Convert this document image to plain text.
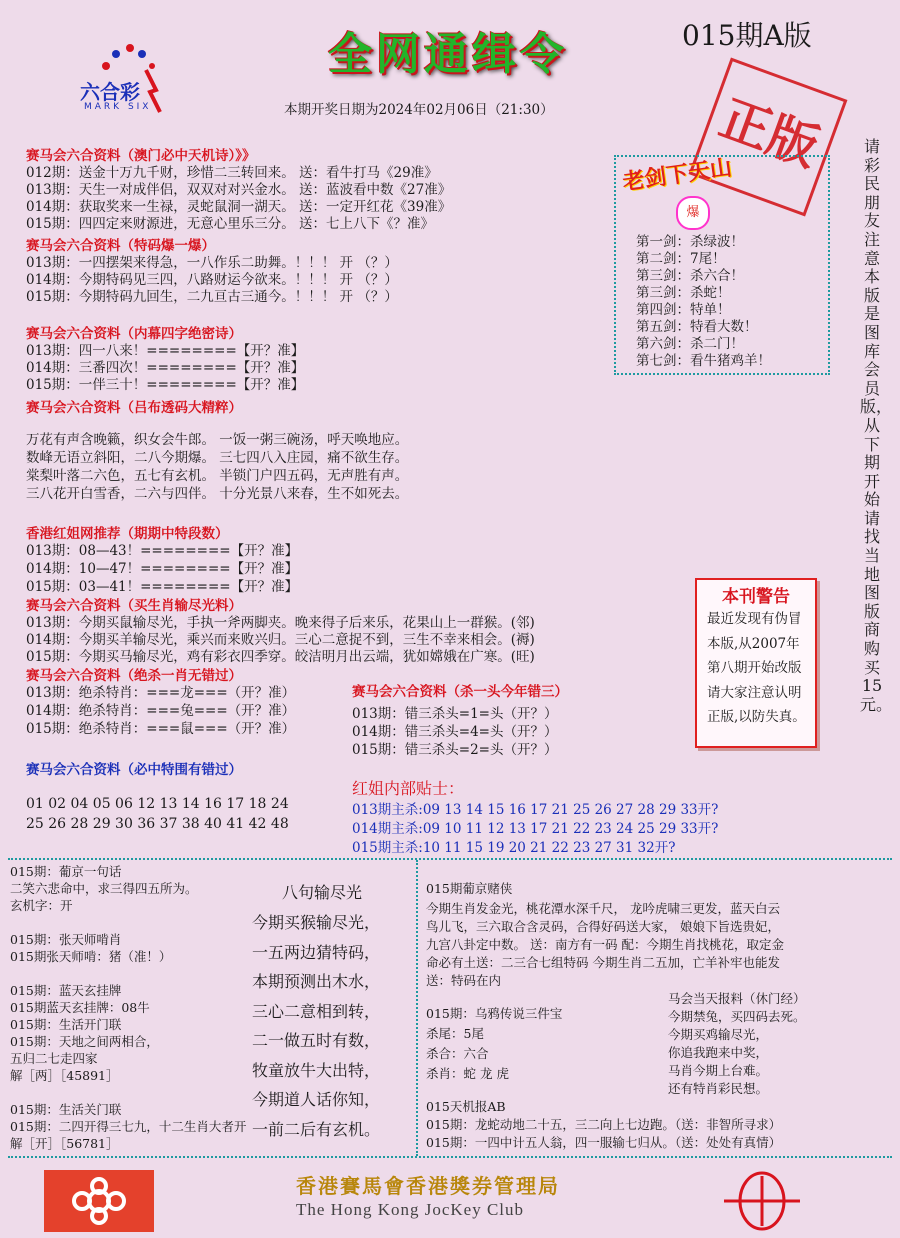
六合彩
MARK SIX
全网通缉令	015期A版
本期开奖日期为2024年02月06日（21:30）	正版	请彩民朋友注意本版是图库会员版，从下期开始请找当地图版商购买15元。
老剑下天山
爆
第一剑：杀绿波！
第二剑：7尾！
第三剑：杀六合！
第三剑：杀蛇！
第四剑：特单！
第五剑：特看大数！
第六剑：杀二门！
第七剑：看牛猪鸡羊！
本刊警告
最近发现有伪冒
本版,从2007年
第八期开始改版
请大家注意认明
正版,以防失真。
赛马会六合资料（澳门必中天机诗）》》
012期：送金十万九千财，珍惜二三转回来。 送：看牛打马《29准》
013期：天生一对成伴侣，双双对对兴金水。 送：蓝波看中数《27准》
014期：获取奖来一生禄，灵蛇鼠洞一湖天。 送：一定开红花《39准》
015期：四四定来财源进，无意心里乐三分。 送：七上八下《？准》
赛马会六合资料（特码爆一爆）
013期：一四摆架来得急，一八作乐二助舞。！！！ 开 （？）
014期：今期特码见三四，八路财运今欲来。！！！ 开 （？）
015期：今期特码九回生，二九亘古三通今。！！！ 开 （？）
赛马会六合资料（内幕四字绝密诗）
013期：四一八来！========【开？准】
014期：三番四次！========【开？准】
015期：一伴三十！========【开？准】
赛马会六合资料（吕布透码大精粹）
万花有声含晚籁，织女会牛郎。 一饭一粥三碗汤，呼天唤地应。
数峰无语立斜阳，二八今期爆。 三七四八入庄园，痛不欲生存。
棠梨叶落二六色，五七有玄机。 半锁门户四五码，无声胜有声。
三八花开白雪香，二六与四伴。 十分光景八来春，生不如死去。
香港红姐网推荐（期期中特段数）
013期：08—43！========【开？准】
014期：10—47！========【开？准】
015期：03—41！========【开？准】
赛马会六合资料（买生肖输尽光料）
013期：今期买鼠输尽光，手执一斧两脚夹。晚来得子后来乐，花果山上一群猴。(邻)
014期：今期买羊输尽光，乘兴而来败兴归。三心二意捉不到，三生不幸来相会。(褥)
015期：今期买马输尽光，鸡有彩衣四季穿。皎洁明月出云端，犹如嫦娥在广寒。(旺)
赛马会六合资料（绝杀一肖无错过）
013期：绝杀特肖：===龙===（开？准）
014期：绝杀特肖：===兔===（开？准）
015期：绝杀特肖：===鼠===（开？准）
赛马会六合资料（杀一头今年错三）
013期：错三杀头=1=头（开？）
014期：错三杀头=4=头（开？）
015期：错三杀头=2=头（开？）
赛马会六合资料（必中特围有错过）
01 02 04 05 06 12 13 14 16 17 18 24
25 26 28 29 30 36 37 38 40 41 42 48
红姐内部贴士：
013期主杀:09 13 14 15 16 17 21 25 26 27 28 29 33开?
014期主杀:09 10 11 12 13 17 21 22 23 24 25 29 33开?
015期主杀:10 11 15 19 20 21 22 23 27 31 32开?
015期：葡京一句话
二笑六悲命中，求三得四五所为。
玄机字：开
015期：张天师啃肖
015期张天师啃：猪（准！）
015期：蓝天玄挂牌
015期蓝天玄挂牌：08牛
015期：生活开门联
015期：天地之间两相合，
五归二七走四家
解［两］［45891］
015期：生活关门联
015期：二四开得三七九，十二生肖大者开
解［开］［56781］
八句输尽光
今期买猴输尽光，
一五两边猜特码，
本期预测出木水，
三心二意相到转，
二一做五时有数，
牧童放牛大出特，
今期道人话你知，
一前二后有玄机。
015期葡京赌侠
今期生肖发金光，桃花潭水深千尺， 龙吟虎啸三更发，蓝天白云
鸟儿飞，三六取合含灵码，合得好码送大家， 娘娘下旨选贵妃，
九宫八卦定中数。 送：南方有一码 配：今期生肖找桃花，取定金
命必有土送：二三合七组特码 今期生肖二五加，亡羊补牢也能发
送：特码在内
015期：乌鸦传说三件宝
杀尾：5尾
杀合：六合
杀肖：蛇 龙 虎
马会当天报料（休门经）
今期禁兔，买四码去死。
今期买鸡输尽光，
你追我跑来中奖，
马肖今期上台难。
还有特肖彩民想。
015天机报AB
015期：龙蛇动地二十五，三二向上七边跑。（送：非智所寻求）
015期：一四中计五人翁，四一服输七归从。（送：处处有真情）
香港賽馬會香港獎券管理局
The Hong Kong JocKey Club
